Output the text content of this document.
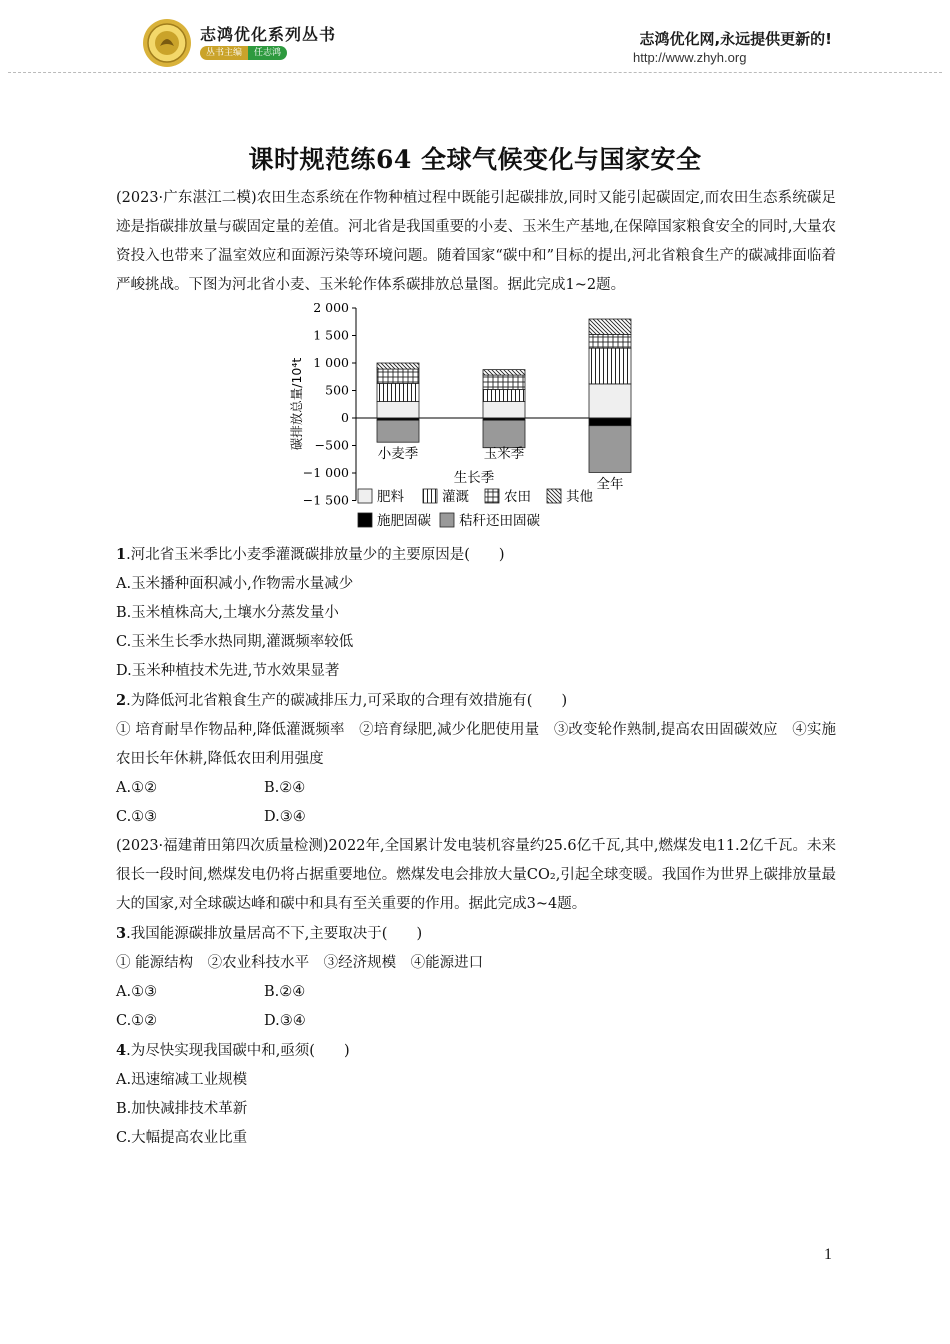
志鸿优化系列丛书
丛书主编	任志鸿
志鸿优化网,永远提供更新的!
http://www.zhyh.org
课时规范练64 全球气候变化与国家安全

(2023·广东湛江二模)农田生态系统在作物种植过程中既能引起碳排放,同时又能引起碳固定,而农田生态系统碳足迹是指碳排放量与碳固定量的差值。河北省是我国重要的小麦、玉米生产基地,在保障国家粮食安全的同时,大量农资投入也带来了温室效应和面源污染等环境问题。随着国家“碳中和”目标的提出,河北省粮食生产的碳减排面临着严峻挑战。下图为河北省小麦、玉米轮作体系碳排放总量图。据此完成1~2题。

2 000
1 500
1 000
500
0
−500
−1 000
−1 500
碳排放总量/10⁴t
小麦季	玉米季
全年
生长季
肥料	灌溉	农田	其他
施肥固碳 秸秆还田固碳

1.河北省玉米季比小麦季灌溉碳排放量少的主要原因是(　　)

A.玉米播种面积减小,作物需水量减少

B.玉米植株高大,土壤水分蒸发量小

C.玉米生长季水热同期,灌溉频率较低

D.玉米种植技术先进,节水效果显著

2.为降低河北省粮食生产的碳减排压力,可采取的合理有效措施有(　　)

① 培育耐旱作物品种,降低灌溉频率　②培育绿肥,减少化肥使用量　③改变轮作熟制,提高农田固碳效应　④实施农田长年休耕,降低农田利用强度

A.①②	B.②④

C.①③	D.③④

(2023·福建莆田第四次质量检测)2022年,全国累计发电装机容量约25.6亿千瓦,其中,燃煤发电11.2亿千瓦。未来很长一段时间,燃煤发电仍将占据重要地位。燃煤发电会排放大量CO₂,引起全球变暖。我国作为世界上碳排放量最大的国家,对全球碳达峰和碳中和具有至关重要的作用。据此完成3~4题。

3.我国能源碳排放量居高不下,主要取决于(　　)

① 能源结构　②农业科技水平　③经济规模　④能源进口

A.①③	B.②④

C.①②	D.③④

4.为尽快实现我国碳中和,亟须(　　)

A.迅速缩减工业规模

B.加快减排技术革新

C.大幅提高农业比重

1
